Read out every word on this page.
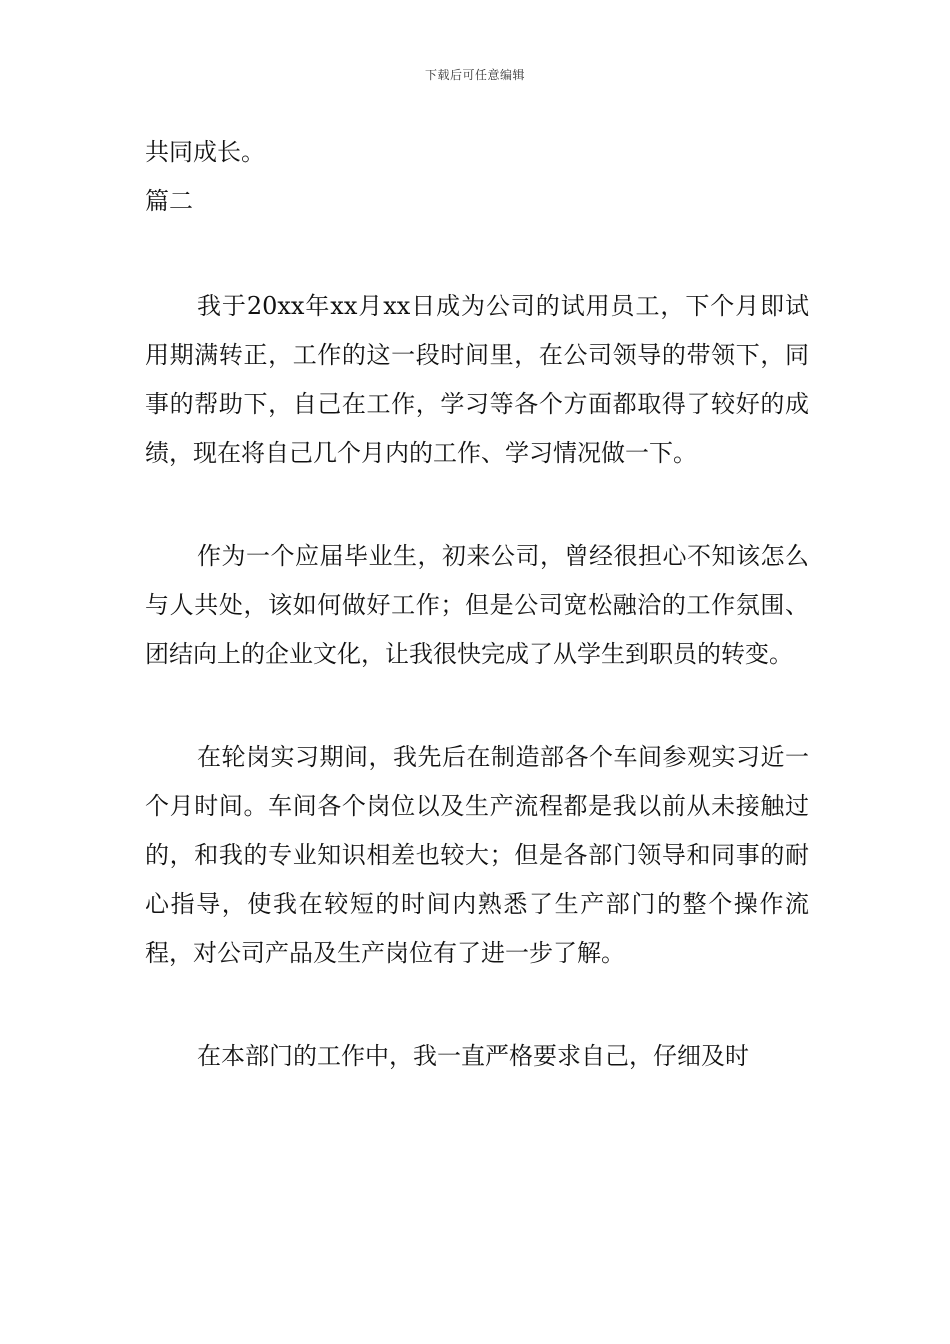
下载后可任意编辑

共同成长。

篇二

我于20xx年xx月xx日成为公司的试用员工，下个月即试用期满转正，工作的这一段时间里，在公司领导的带领下，同事的帮助下，自己在工作，学习等各个方面都取得了较好的成绩，现在将自己几个月内的工作、学习情况做一下。

作为一个应届毕业生，初来公司，曾经很担心不知该怎么与人共处，该如何做好工作；但是公司宽松融洽的工作氛围、团结向上的企业文化，让我很快完成了从学生到职员的转变。

在轮岗实习期间，我先后在制造部各个车间参观实习近一个月时间。车间各个岗位以及生产流程都是我以前从未接触过的，和我的专业知识相差也较大；但是各部门领导和同事的耐心指导，使我在较短的时间内熟悉了生产部门的整个操作流程，对公司产品及生产岗位有了进一步了解。

在本部门的工作中，我一直严格要求自己，仔细及时
